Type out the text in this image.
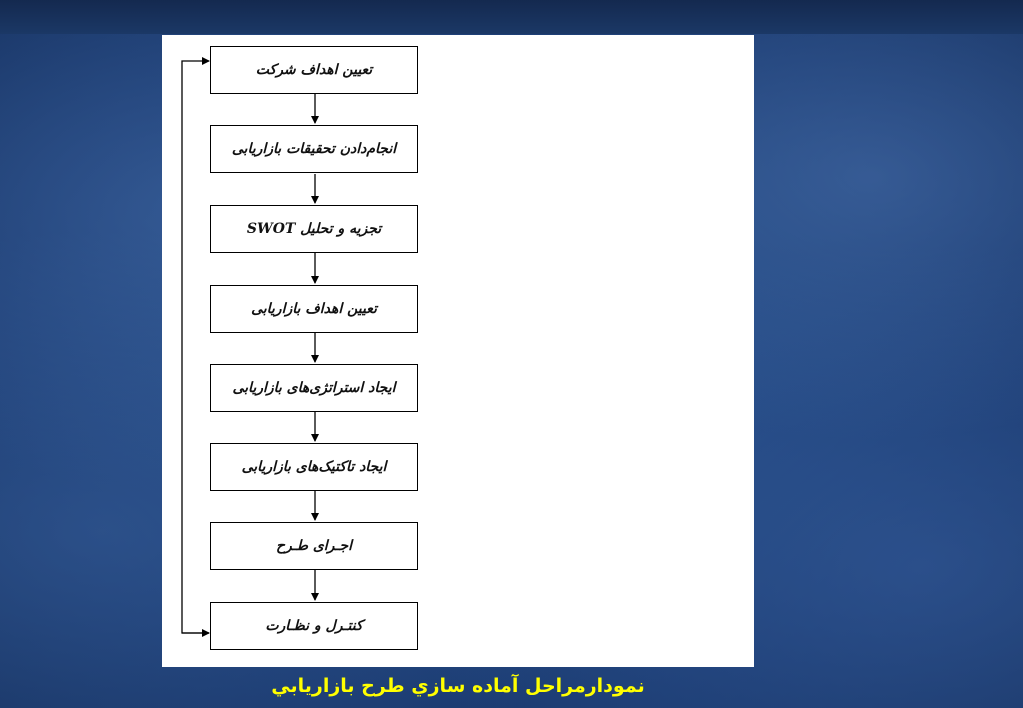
تعيين اهداف شركت
انجام‌دادن تحقيقات بازاريابی
تجزيه و تحليل SWOT
تعيين اهداف بازاريابی
ايجاد استراتژی‌های بازاريابی
ايجاد تاكتيک‌های بازاريابی
اجـرای طـرح
كنتـرل و نظـارت
نمودارمراحل آماده سازي طرح بازاريابي
